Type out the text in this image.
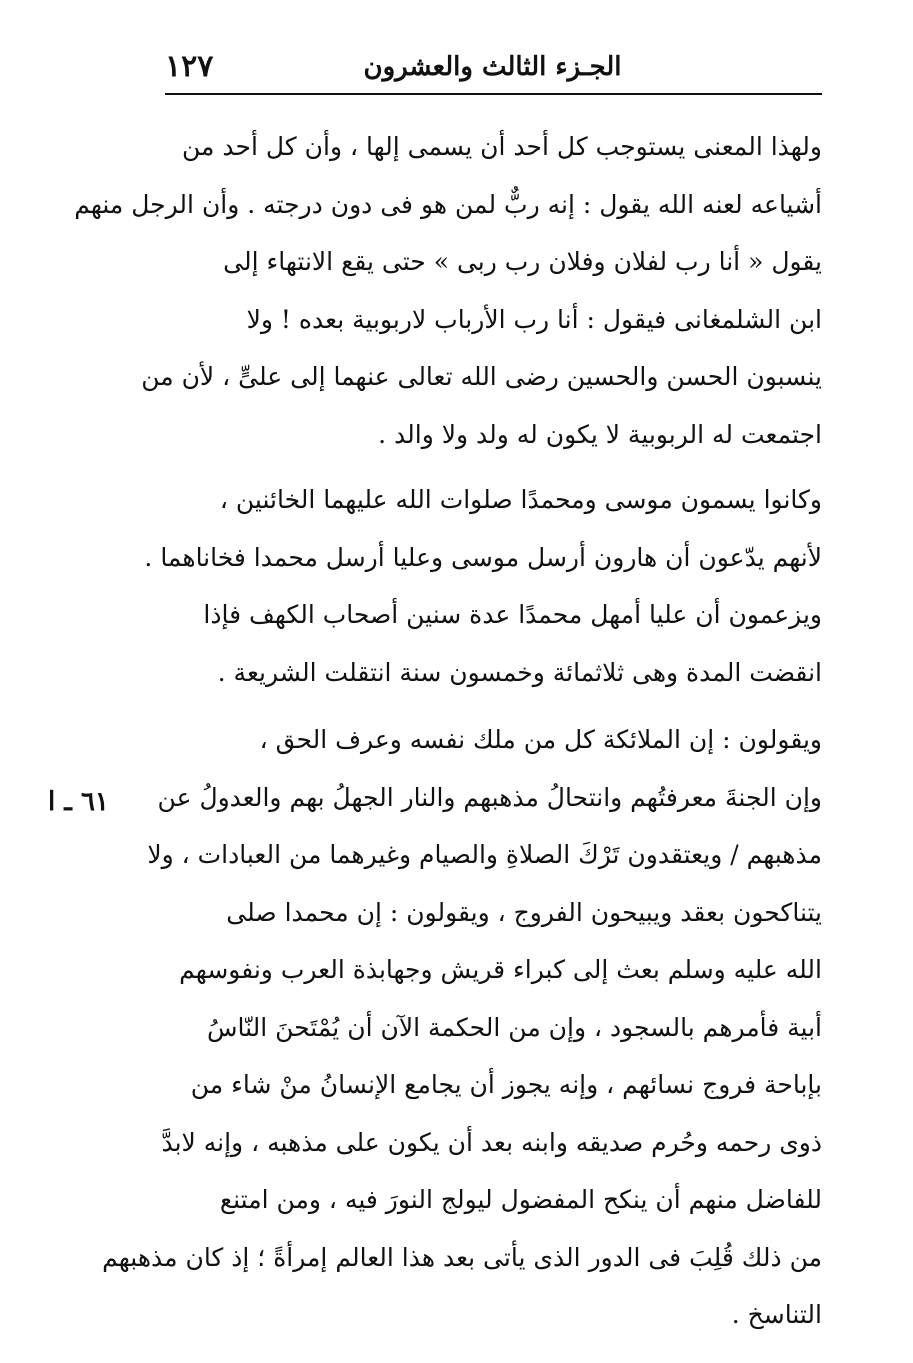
١٢٧	الجـزء الثالث والعشرون
٦١ ـ ا
ولهذا المعنى يستوجب كل أحد أن يسمى إلها ، وأن كل أحد من
أشياعه لعنه الله يقول : إنه ربٌّ لمن هو فى دون درجته . وأن الرجل منهم
يقول « أنا رب لفلان وفلان رب ربى » حتى يقع الانتهاء إلى
ابن الشلمغانى فيقول : أنا رب الأرباب لاربوبية بعده ! ولا
ينسبون الحسن والحسين رضى الله تعالى عنهما إلى علىٍّ ، لأن من
اجتمعت له الربوبية لا يكون له ولد ولا والد .
وكانوا يسمون موسى ومحمدًا صلوات الله عليهما الخائنين ،
لأنهم يدّعون أن هارون أرسل موسى وعليا أرسل محمدا فخاناهما .
ويزعمون أن عليا أمهل محمدًا عدة سنين أصحاب الكهف فإذا
انقضت المدة وهى ثلاثمائة وخمسون سنة انتقلت الشريعة .
ويقولون : إن الملائكة كل من ملك نفسه وعرف الحق ،
وإن الجنةَ معرفتُهم وانتحالُ مذهبهم والنار الجهلُ بهم والعدولُ عن
مذهبهم / ويعتقدون تَرْكَ الصلاةِ والصيام وغيرهما من العبادات ، ولا
يتناكحون بعقد ويبيحون الفروج ، ويقولون : إن محمدا صلى
الله عليه وسلم بعث إلى كبراء قريش وجهابذة العرب ونفوسهم
أبية فأمرهم بالسجود ، وإن من الحكمة الآن أن يُمْتَحنَ النّاسُ
بإباحة فروج نسائهم ، وإنه يجوز أن يجامع الإنسانُ منْ شاء من
ذوى رحمه وحُرم صديقه وابنه بعد أن يكون على مذهبه ، وإنه لابدَّ
للفاضل منهم أن ينكح المفضول ليولج النورَ فيه ، ومن امتنع
من ذلك قُلِبَ فى الدور الذى يأتى بعد هذا العالم إمرأةً ؛ إذ كان مذهبهم
التناسخ .
